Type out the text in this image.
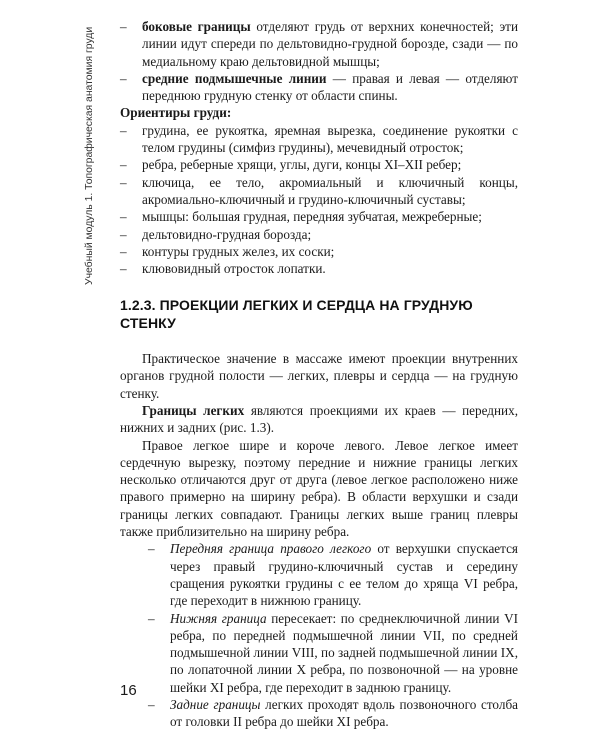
Учебный модуль 1. Топографическая анатомия груди
– боковые границы отделяют грудь от верхних конечностей; эти линии идут спереди по дельтовидно-грудной борозде, сзади — по медиальному краю дельтовидной мышцы;
– средние подмышечные линии — правая и левая — отделяют переднюю грудную стенку от области спины.
Ориентиры груди:
– грудина, ее рукоятка, яремная вырезка, соединение рукоятки с телом грудины (симфиз грудины), мечевидный отросток;
– ребра, реберные хрящи, углы, дуги, концы XI–XII ребер;
– ключица, ее тело, акромиальный и ключичный концы, акромиально-ключичный и грудино-ключичный суставы;
– мышцы: большая грудная, передняя зубчатая, межреберные;
– дельтовидно-грудная борозда;
– контуры грудных желез, их соски;
– клювовидный отросток лопатки.
1.2.3. ПРОЕКЦИИ ЛЕГКИХ И СЕРДЦА НА ГРУДНУЮ СТЕНКУ

Практическое значение в массаже имеют проекции внутренних органов грудной полости — легких, плевры и сердца — на грудную стенку.

Границы легких являются проекциями их краев — передних, нижних и задних (рис. 1.3).

Правое легкое шире и короче левого. Левое легкое имеет сердечную вырезку, поэтому передние и нижние границы легких несколько отличаются друг от друга (левое легкое расположено ниже правого примерно на ширину ребра). В области верхушки и сзади границы легких совпадают. Границы легких выше границ плевры также приблизительно на ширину ребра.

– Передняя граница правого легкого от верхушки спускается через правый грудино-ключичный сустав и середину сращения рукоятки грудины с ее телом до хряща VI ребра, где переходит в нижнюю границу.
– Нижняя граница пересекает: по среднеключичной линии VI ребра, по передней подмышечной линии VII, по средней подмышечной линии VIII, по задней подмышечной линии IX, по лопаточной линии X ребра, по позвоночной — на уровне шейки XI ребра, где переходит в заднюю границу.
– Задние границы легких проходят вдоль позвоночного столба от головки II ребра до шейки XI ребра.
16
